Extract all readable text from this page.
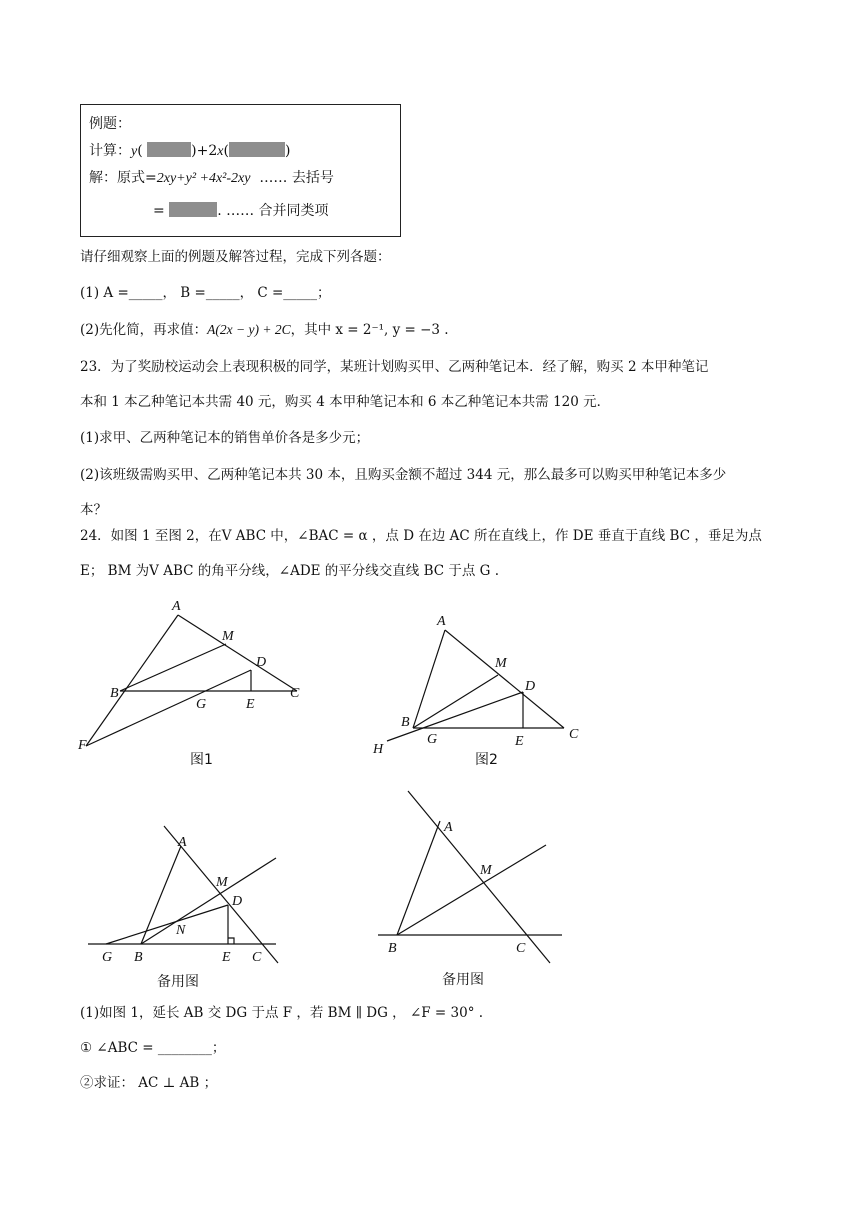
例题：
计算：y(	)+2x(	)
解：原式=2xy+y² +4x²-2xy …… 去括号
=	. …… 合并同类项
请仔细观察上面的例题及解答过程，完成下列各题：
(1) A =_____， B =_____， C =_____；
(2)先化简，再求值：A(2x − y) + 2C，其中 x = 2⁻¹, y = −3 .
23．为了奖励校运动会上表现积极的同学，某班计划购买甲、乙两种笔记本．经了解，购买 2 本甲种笔记
本和 1 本乙种笔记本共需 40 元，购买 4 本甲种笔记本和 6 本乙种笔记本共需 120 元．
(1)求甲、乙两种笔记本的销售单价各是多少元；
(2)该班级需购买甲、乙两种笔记本共 30 本，且购买金额不超过 344 元，那么最多可以购买甲种笔记本多少
本？
24．如图 1 至图 2，在V ABC 中，∠BAC = α ，点 D 在边 AC 所在直线上，作 DE 垂直于直线 BC ，垂足为点
E； BM 为V ABC 的角平分线，∠ADE 的平分线交直线 BC 于点 G .
A
M
D
B
G	E
C
F
图1
A
M
D
B
H
G	E	C
图2
A
M
D
N
G B	E C
备用图
A
M
B	C
备用图
(1)如图 1，延长 AB 交 DG 于点 F ，若 BM ∥ DG ， ∠F = 30° .
① ∠ABC = ________；
②求证： AC ⊥ AB ；
